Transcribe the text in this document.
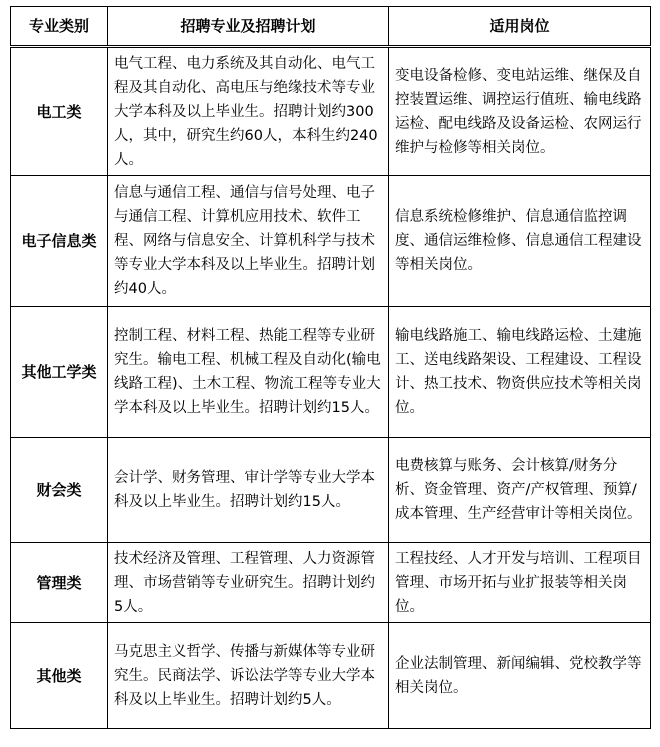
专业类别	招聘专业及招聘计划	适用岗位
电工类	电气工程、电力系统及其自动化、电气工程及其自动化、高电压与绝缘技术等专业大学本科及以上毕业生。招聘计划约300人，其中，研究生约60人，本科生约240人。	变电设备检修、变电站运维、继保及自控装置运维、调控运行值班、输电线路运检、配电线路及设备运检、农网运行维护与检修等相关岗位。
电子信息类	信息与通信工程、通信与信号处理、电子与通信工程、计算机应用技术、软件工程、网络与信息安全、计算机科学与技术等专业大学本科及以上毕业生。招聘计划约40人。	信息系统检修维护、信息通信监控调度、通信运维检修、信息通信工程建设等相关岗位。
其他工学类	控制工程、材料工程、热能工程等专业研究生。输电工程、机械工程及自动化(输电线路工程)、土木工程、物流工程等专业大学本科及以上毕业生。招聘计划约15人。	输电线路施工、输电线路运检、土建施工、送电线路架设、工程建设、工程设计、热工技术、物资供应技术等相关岗位。
财会类	会计学、财务管理、审计学等专业大学本科及以上毕业生。招聘计划约15人。	电费核算与账务、会计核算/财务分析、资金管理、资产/产权管理、预算/成本管理、生产经营审计等相关岗位。
管理类	技术经济及管理、工程管理、人力资源管理、市场营销等专业研究生。招聘计划约5人。	工程技经、人才开发与培训、工程项目管理、市场开拓与业扩报装等相关岗位。
其他类	马克思主义哲学、传播与新媒体等专业研究生。民商法学、诉讼法学等专业大学本科及以上毕业生。招聘计划约5人。	企业法制管理、新闻编辑、党校教学等相关岗位。
